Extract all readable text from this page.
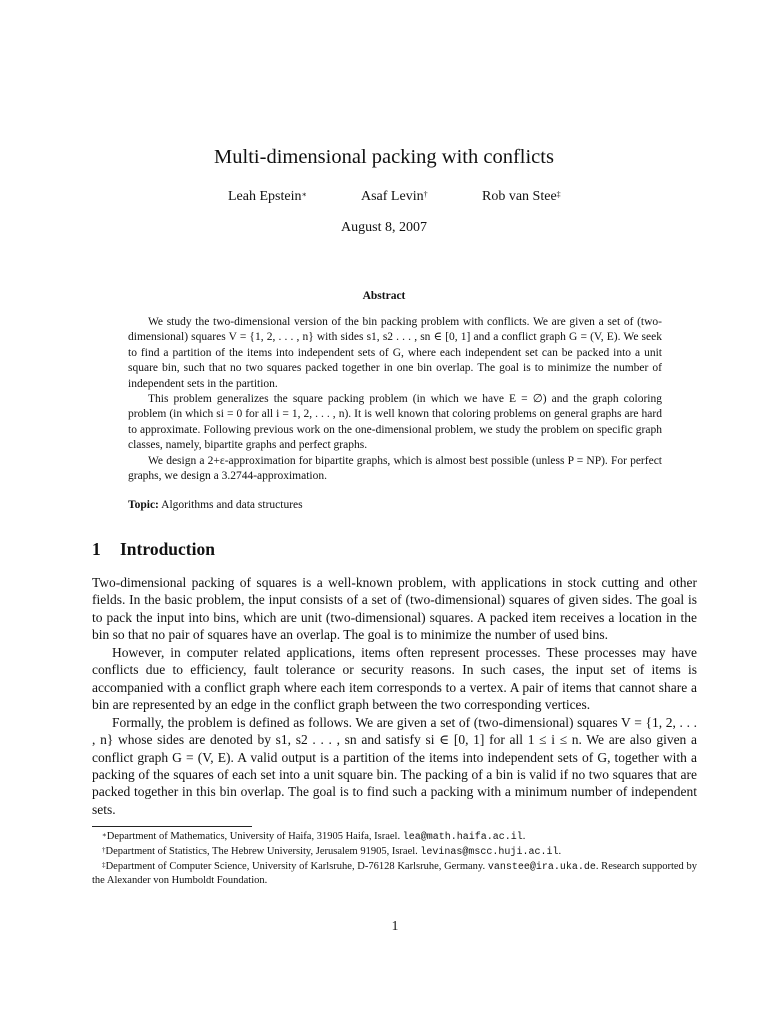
Multi-dimensional packing with conflicts
Leah Epstein∗	Asaf Levin†	Rob van Stee‡
August 8, 2007
Abstract

We study the two-dimensional version of the bin packing problem with conflicts. We are given a set of (two-dimensional) squares V = {1, 2, . . . , n} with sides s1, s2 . . . , sn ∈ [0, 1] and a conflict graph G = (V, E). We seek to find a partition of the items into independent sets of G, where each independent set can be packed into a unit square bin, such that no two squares packed together in one bin overlap. The goal is to minimize the number of independent sets in the partition.

This problem generalizes the square packing problem (in which we have E = ∅) and the graph coloring problem (in which si = 0 for all i = 1, 2, . . . , n). It is well known that coloring problems on general graphs are hard to approximate. Following previous work on the one-dimensional problem, we study the problem on specific graph classes, namely, bipartite graphs and perfect graphs.

We design a 2+ε-approximation for bipartite graphs, which is almost best possible (unless P = NP). For perfect graphs, we design a 3.2744-approximation.

Topic: Algorithms and data structures

1 Introduction

Two-dimensional packing of squares is a well-known problem, with applications in stock cutting and other fields. In the basic problem, the input consists of a set of (two-dimensional) squares of given sides. The goal is to pack the input into bins, which are unit (two-dimensional) squares. A packed item receives a location in the bin so that no pair of squares have an overlap. The goal is to minimize the number of used bins.

However, in computer related applications, items often represent processes. These processes may have conflicts due to efficiency, fault tolerance or security reasons. In such cases, the input set of items is accompanied with a conflict graph where each item corresponds to a vertex. A pair of items that cannot share a bin are represented by an edge in the conflict graph between the two corresponding vertices.

Formally, the problem is defined as follows. We are given a set of (two-dimensional) squares V = {1, 2, . . . , n} whose sides are denoted by s1, s2 . . . , sn and satisfy si ∈ [0, 1] for all 1 ≤ i ≤ n. We are also given a conflict graph G = (V, E). A valid output is a partition of the items into independent sets of G, together with a packing of the squares of each set into a unit square bin. The packing of a bin is valid if no two squares that are packed together in this bin overlap. The goal is to find such a packing with a minimum number of independent sets.

∗Department of Mathematics, University of Haifa, 31905 Haifa, Israel. lea@math.haifa.ac.il.
†Department of Statistics, The Hebrew University, Jerusalem 91905, Israel. levinas@mscc.huji.ac.il.
‡Department of Computer Science, University of Karlsruhe, D-76128 Karlsruhe, Germany. vanstee@ira.uka.de. Research supported by the Alexander von Humboldt Foundation.
1
